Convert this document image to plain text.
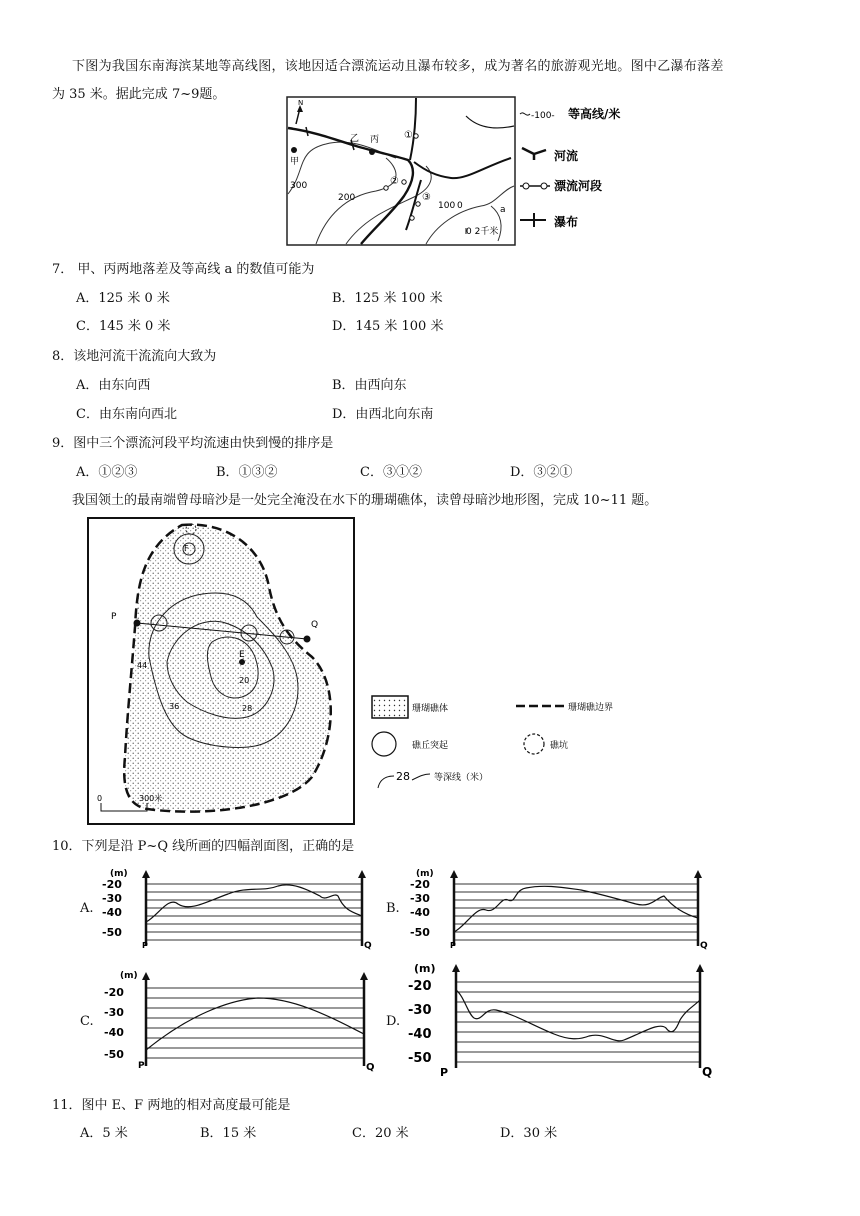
下图为我国东南海滨某地等高线图，该地因适合漂流运动且瀑布较多，成为著名的旅游观光地。图中乙瀑布落差
为 35 米。据此完成 7~9题。
N
甲
乙 丙
300
200
100 0	a
①
②
③
0 2千米
-100- 等高线/米
河流
漂流河段
瀑布
7． 甲、丙两地落差及等高线 a 的数值可能为
A．125 米 0 米	B．125 米 100 米
C．145 米 0 米	D．145 米 100 米
8．该地河流干流流向大致为
A．由东向西	B．由西向东
C．由东南向西北	D．由西北向东南
9．图中三个漂流河段平均流速由快到慢的排序是
A．①②③	B．①③②	C．③①②	D．③②①
我国领土的最南端曾母暗沙是一处完全淹没在水下的珊瑚礁体，读曾母暗沙地形图，完成 10~11 题。
P
Q
E
F
44
36	28
20
0	300米
珊瑚礁体	珊瑚礁边界
礁丘突起	礁坑
28	等深线（米）
10．下列是沿 P~Q 线所画的四幅剖面图，正确的是
A.
(m)
-20
-30
-40
-50
P	Q
B.
(m)
-20
-30
-40
-50
P	Q
C.
(m)
-20
-30
-40
-50
P	Q
D.
(m)
-20
-30
-40
-50
P	Q
11．图中 E、F 两地的相对高度最可能是
A．5 米	B．15 米	C．20 米	D．30 米
